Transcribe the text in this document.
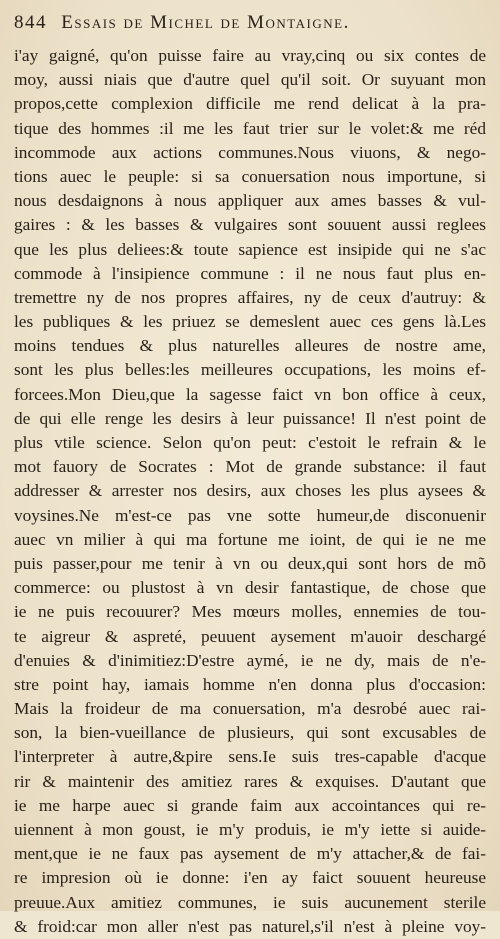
844 Essais de Michel de Montaigne.
i'ay gaigné, qu'on puisse faire au vray,cinq ou six contes de
moy, aussi niais que d'autre quel qu'il soit. Or suyuant mon
propos,cette complexion difficile me rend delicat à la pra-
tique des hommes :il me les faut trier sur le volet:& me réd
incommode aux actions communes.Nous viuons, & nego-
tions auec le peuple: si sa conuersation nous importune, si
nous desdaignons à nous appliquer aux ames basses & vul-
gaires : & les basses & vulgaires sont souuent aussi reglees
que les plus deliees:& toute sapience est insipide qui ne s'ac
commode à l'insipience commune : il ne nous faut plus en-
tremettre ny de nos propres affaires, ny de ceux d'autruy: &
les publiques & les priuez se demeslent auec ces gens là.Les
moins tendues & plus naturelles alleures de nostre ame,
sont les plus belles:les meilleures occupations, les moins ef-
forcees.Mon Dieu,que la sagesse faict vn bon office à ceux,
de qui elle renge les desirs à leur puissance! Il n'est point de
plus vtile science. Selon qu'on peut: c'estoit le refrain & le
mot fauory de Socrates : Mot de grande substance: il faut
addresser & arrester nos desirs, aux choses les plus aysees &
voysines.Ne m'est-ce pas vne sotte humeur,de disconuenir
auec vn milier à qui ma fortune me ioint, de qui ie ne me
puis passer,pour me tenir à vn ou deux,qui sont hors de mõ
commerce: ou plustost à vn desir fantastique, de chose que
ie ne puis recouurer? Mes mœurs molles, ennemies de tou-
te aigreur & aspreté, peuuent aysement m'auoir deschargé
d'enuies & d'inimitiez:D'estre aymé, ie ne dy, mais de n'e-
stre point hay, iamais homme n'en donna plus d'occasion:
Mais la froideur de ma conuersation, m'a desrobé auec rai-
son, la bien-vueillance de plusieurs, qui sont excusables de
l'interpreter à autre,&pire sens.Ie suis tres-capable d'acque
rir & maintenir des amitiez rares & exquises. D'autant que
ie me harpe auec si grande faim aux accointances qui re-
uiennent à mon goust, ie m'y produis, ie m'y iette si auide-
ment,que ie ne faux pas aysement de m'y attacher,& de fai-
re impresion où ie donne: i'en ay faict souuent heureuse
preuue.Aux amitiez communes, ie suis aucunement sterile
& froid:car mon aller n'est pas naturel,s'il n'est à pleine voy-
